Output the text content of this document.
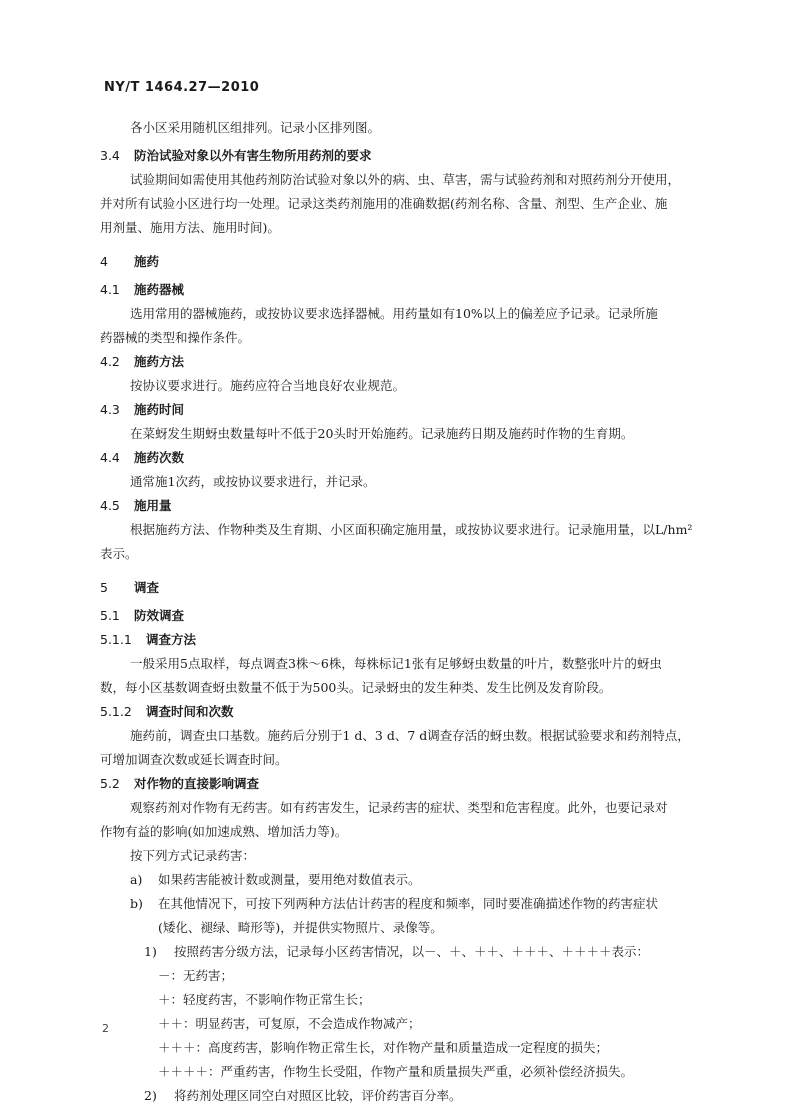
NY/T 1464.27—2010
各小区采用随机区组排列。记录小区排列图。
3.4 防治试验对象以外有害生物所用药剂的要求
试验期间如需使用其他药剂防治试验对象以外的病、虫、草害，需与试验药剂和对照药剂分开使用，
并对所有试验小区进行均一处理。记录这类药剂施用的准确数据(药剂名称、含量、剂型、生产企业、施
用剂量、施用方法、施用时间)。
4 施药
4.1 施药器械
选用常用的器械施药，或按协议要求选择器械。用药量如有10%以上的偏差应予记录。记录所施
药器械的类型和操作条件。
4.2 施药方法
按协议要求进行。施药应符合当地良好农业规范。
4.3 施药时间
在菜蚜发生期蚜虫数量每叶不低于20头时开始施药。记录施药日期及施药时作物的生育期。
4.4 施药次数
通常施1次药，或按协议要求进行，并记录。
4.5 施用量
根据施药方法、作物种类及生育期、小区面积确定施用量，或按协议要求进行。记录施用量，以L/hm²
表示。
5 调查
5.1 防效调查
5.1.1 调查方法
一般采用5点取样，每点调查3株～6株，每株标记1张有足够蚜虫数量的叶片，数整张叶片的蚜虫
数，每小区基数调查蚜虫数量不低于为500头。记录蚜虫的发生种类、发生比例及发育阶段。
5.1.2 调查时间和次数
施药前，调查虫口基数。施药后分别于1 d、3 d、7 d调查存活的蚜虫数。根据试验要求和药剂特点，
可增加调查次数或延长调查时间。
5.2 对作物的直接影响调查
观察药剂对作物有无药害。如有药害发生，记录药害的症状、类型和危害程度。此外，也要记录对
作物有益的影响(如加速成熟、增加活力等)。
按下列方式记录药害：
a) 如果药害能被计数或测量，要用绝对数值表示。
b) 在其他情况下，可按下列两种方法估计药害的程度和频率，同时要准确描述作物的药害症状
(矮化、褪绿、畸形等)，并提供实物照片、录像等。
1) 按照药害分级方法，记录每小区药害情况，以－、＋、＋＋、＋＋＋、＋＋＋＋表示：
－：无药害；
＋：轻度药害，不影响作物正常生长；
＋＋：明显药害，可复原，不会造成作物减产；
＋＋＋：高度药害，影响作物正常生长，对作物产量和质量造成一定程度的损失；
＋＋＋＋：严重药害，作物生长受阻，作物产量和质量损失严重，必须补偿经济损失。
2) 将药剂处理区同空白对照区比较，评价药害百分率。
2
